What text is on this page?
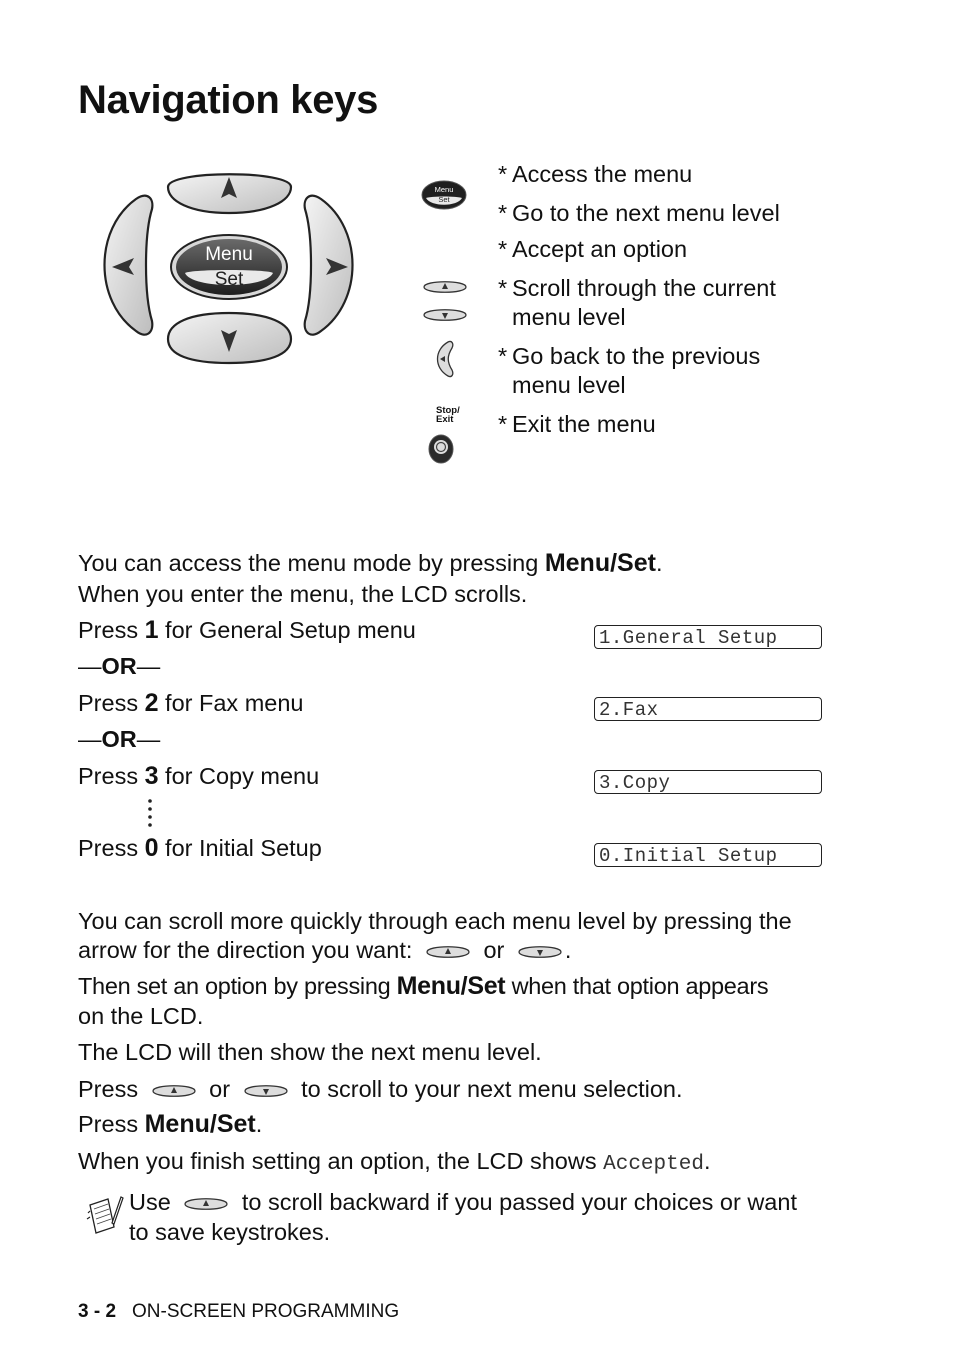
Navigation keys
Menu
Set
Menu
Set
Stop/
Exit
* Access the menu
* Go to the next menu level
* Accept an option
* Scroll through the current
menu level
* Go back to the previous
menu level
* Exit the menu
You can access the menu mode by pressing Menu/Set.
When you enter the menu, the LCD scrolls.
Press 1 for General Setup menu	1.General Setup
—OR—
Press 2 for Fax menu	2.Fax
—OR—
Press 3 for Copy menu	3.Copy
Press 0 for Initial Setup	0.Initial Setup
You can scroll more quickly through each menu level by pressing the
arrow for the direction you want:	or	.
Then set an option by pressing Menu/Set when that option appears
on the LCD.
The LCD will then show the next menu level.
Press	or	to scroll to your next menu selection.
Press Menu/Set.
When you finish setting an option, the LCD shows Accepted.
Use	to scroll backward if you passed your choices or want
to save keystrokes.
3 - 2 ON-SCREEN PROGRAMMING
